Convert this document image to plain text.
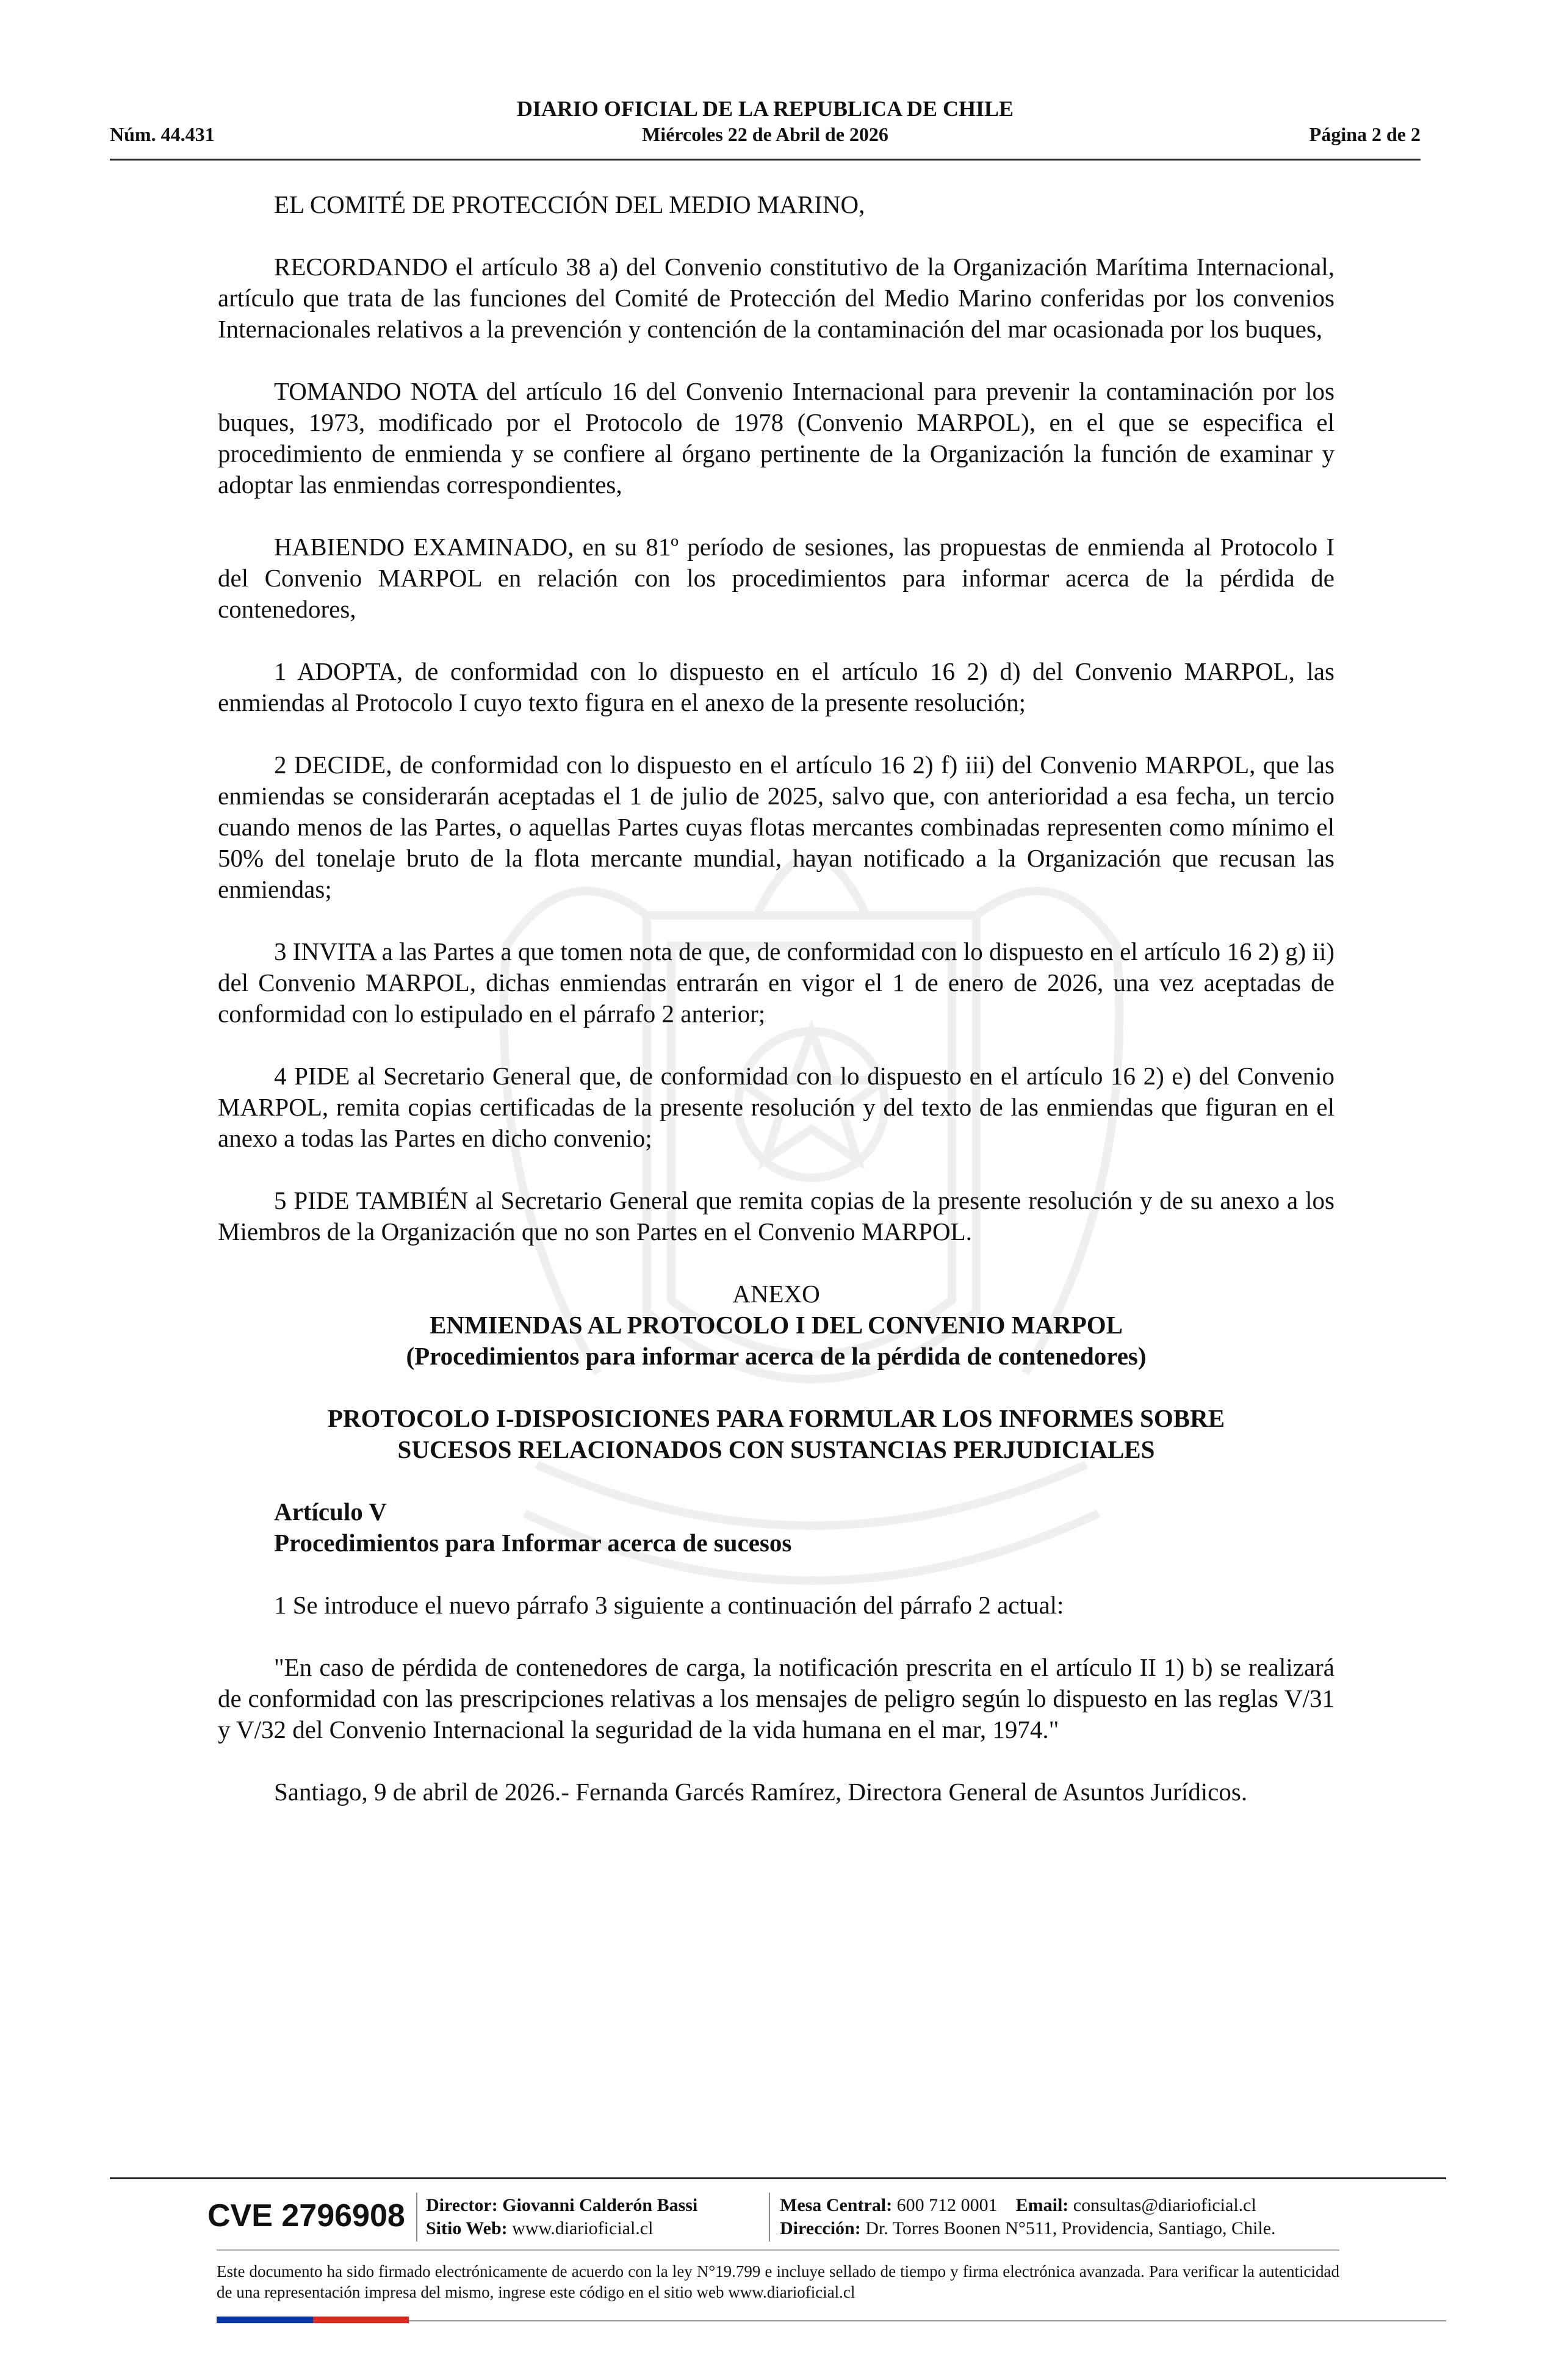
DIARIO OFICIAL DE LA REPUBLICA DE CHILE
Núm. 44.431	Miércoles 22 de Abril de 2026	Página 2 de 2

EL COMITÉ DE PROTECCIÓN DEL MEDIO MARINO,

RECORDANDO el artículo 38 a) del Convenio constitutivo de la Organización Marítima Internacional, artículo que trata de las funciones del Comité de Protección del Medio Marino conferidas por los convenios Internacionales relativos a la prevención y contención de la contaminación del mar ocasionada por los buques,

TOMANDO NOTA del artículo 16 del Convenio Internacional para prevenir la contaminación por los buques, 1973, modificado por el Protocolo de 1978 (Convenio MARPOL), en el que se especifica el procedimiento de enmienda y se confiere al órgano pertinente de la Organización la función de examinar y adoptar las enmiendas correspondientes,

HABIENDO EXAMINADO, en su 81º período de sesiones, las propuestas de enmienda al Protocolo I del Convenio MARPOL en relación con los procedimientos para informar acerca de la pérdida de contenedores,

1 ADOPTA, de conformidad con lo dispuesto en el artículo 16 2) d) del Convenio MARPOL, las enmiendas al Protocolo I cuyo texto figura en el anexo de la presente resolución;

2 DECIDE, de conformidad con lo dispuesto en el artículo 16 2) f) iii) del Convenio MARPOL, que las enmiendas se considerarán aceptadas el 1 de julio de 2025, salvo que, con anterioridad a esa fecha, un tercio cuando menos de las Partes, o aquellas Partes cuyas flotas mercantes combinadas representen como mínimo el 50% del tonelaje bruto de la flota mercante mundial, hayan notificado a la Organización que recusan las enmiendas;

3 INVITA a las Partes a que tomen nota de que, de conformidad con lo dispuesto en el artículo 16 2) g) ii) del Convenio MARPOL, dichas enmiendas entrarán en vigor el 1 de enero de 2026, una vez aceptadas de conformidad con lo estipulado en el párrafo 2 anterior;

4 PIDE al Secretario General que, de conformidad con lo dispuesto en el artículo 16 2) e) del Convenio MARPOL, remita copias certificadas de la presente resolución y del texto de las enmiendas que figuran en el anexo a todas las Partes en dicho convenio;

5 PIDE TAMBIÉN al Secretario General que remita copias de la presente resolución y de su anexo a los Miembros de la Organización que no son Partes en el Convenio MARPOL.

ANEXO
ENMIENDAS AL PROTOCOLO I DEL CONVENIO MARPOL
(Procedimientos para informar acerca de la pérdida de contenedores)
PROTOCOLO I-DISPOSICIONES PARA FORMULAR LOS INFORMES SOBRE
SUCESOS RELACIONADOS CON SUSTANCIAS PERJUDICIALES
Artículo V
Procedimientos para Informar acerca de sucesos

1 Se introduce el nuevo párrafo 3 siguiente a continuación del párrafo 2 actual:

"En caso de pérdida de contenedores de carga, la notificación prescrita en el artículo II 1) b) se realizará de conformidad con las prescripciones relativas a los mensajes de peligro según lo dispuesto en las reglas V/31 y V/32 del Convenio Internacional la seguridad de la vida humana en el mar, 1974."

Santiago, 9 de abril de 2026.- Fernanda Garcés Ramírez, Directora General de Asuntos Jurídicos.

CVE 2796908 Director: Giovanni Calderón Bassi
Sitio Web: www.diarioficial.cl
Mesa Central: 600 712 0001 Email: consultas@diarioficial.cl
Dirección: Dr. Torres Boonen N°511, Providencia, Santiago, Chile.
Este documento ha sido firmado electrónicamente de acuerdo con la ley N°19.799 e incluye sellado de tiempo y firma electrónica avanzada. Para verificar la autenticidad de una representación impresa del mismo, ingrese este código en el sitio web www.diarioficial.cl
